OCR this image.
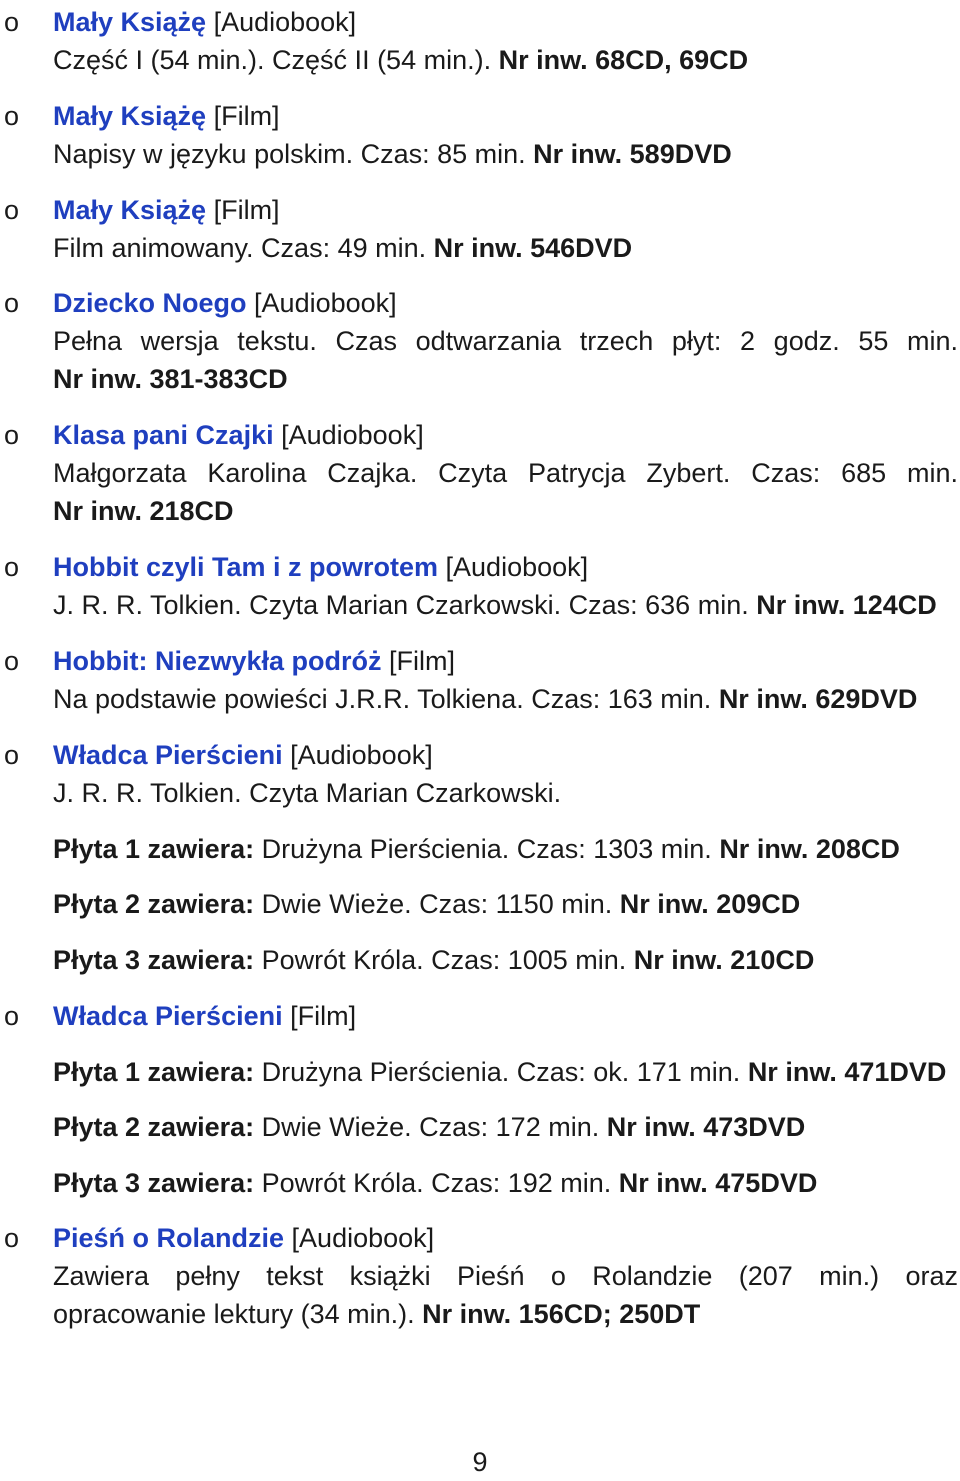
o Mały Książę [Audiobook]
Część I (54 min.). Część II (54 min.). Nr inw. 68CD, 69CD
o Mały Książę [Film]
Napisy w języku polskim. Czas: 85 min. Nr inw. 589DVD
o Mały Książę [Film]
Film animowany. Czas: 49 min. Nr inw. 546DVD
o Dziecko Noego [Audiobook]
Pełna wersja tekstu. Czas odtwarzania trzech płyt: 2 godz. 55 min.
Nr inw. 381-383CD
o Klasa pani Czajki [Audiobook]
Małgorzata Karolina Czajka. Czyta Patrycja Zybert. Czas: 685 min.
Nr inw. 218CD
o Hobbit czyli Tam i z powrotem [Audiobook]
J. R. R. Tolkien. Czyta Marian Czarkowski. Czas: 636 min. Nr inw. 124CD
o Hobbit: Niezwykła podróż [Film]
Na podstawie powieści J.R.R. Tolkiena. Czas: 163 min. Nr inw. 629DVD
o Władca Pierścieni [Audiobook]
J. R. R. Tolkien. Czyta Marian Czarkowski.
Płyta 1 zawiera: Drużyna Pierścienia. Czas: 1303 min. Nr inw. 208CD
Płyta 2 zawiera: Dwie Wieże. Czas: 1150 min. Nr inw. 209CD
Płyta 3 zawiera: Powrót Króla. Czas: 1005 min. Nr inw. 210CD
o Władca Pierścieni [Film]
Płyta 1 zawiera: Drużyna Pierścienia. Czas: ok. 171 min. Nr inw. 471DVD
Płyta 2 zawiera: Dwie Wieże. Czas: 172 min. Nr inw. 473DVD
Płyta 3 zawiera: Powrót Króla. Czas: 192 min. Nr inw. 475DVD
o Pieśń o Rolandzie [Audiobook]
Zawiera pełny tekst książki Pieśń o Rolandzie (207 min.) oraz
opracowanie lektury (34 min.). Nr inw. 156CD; 250DT
9
